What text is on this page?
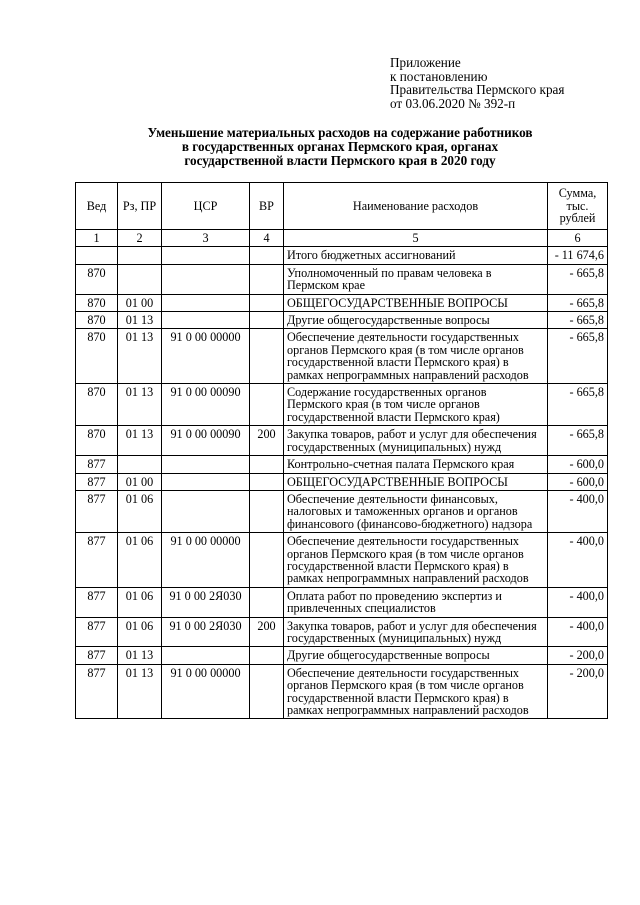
Приложение
к постановлению
Правительства Пермского края
от 03.06.2020 № 392-п
Уменьшение материальных расходов на содержание работников
в государственных органах Пермского края, органах
государственной власти Пермского края в 2020 году
Вед	Рз, ПР	ЦСР	ВР	Наименование расходов	Сумма, тыс. рублей
1	2	3	4	5	6
				Итого бюджетных ассигнований	- 11 674,6
870				Уполномоченный по правам человека в Пермском крае	- 665,8
870	01 00			ОБЩЕГОСУДАРСТВЕННЫЕ ВОПРОСЫ	- 665,8
870	01 13			Другие общегосударственные вопросы	- 665,8
870	01 13	91 0 00 00000		Обеспечение деятельности государственных органов Пермского края (в том числе органов государственной власти Пермского края) в рамках непрограммных направлений расходов	- 665,8
870	01 13	91 0 00 00090		Содержание государственных органов Пермского края (в том числе органов государственной власти Пермского края)	- 665,8
870	01 13	91 0 00 00090	200	Закупка товаров, работ и услуг для обеспечения государственных (муниципальных) нужд	- 665,8
877				Контрольно-счетная палата Пермского края	- 600,0
877	01 00			ОБЩЕГОСУДАРСТВЕННЫЕ ВОПРОСЫ	- 600,0
877	01 06			Обеспечение деятельности финансовых, налоговых и таможенных органов и органов финансового (финансово-бюджетного) надзора	- 400,0
877	01 06	91 0 00 00000		Обеспечение деятельности государственных органов Пермского края (в том числе органов государственной власти Пермского края) в рамках непрограммных направлений расходов	- 400,0
877	01 06	91 0 00 2Я030		Оплата работ по проведению экспертиз и привлеченных специалистов	- 400,0
877	01 06	91 0 00 2Я030	200	Закупка товаров, работ и услуг для обеспечения государственных (муниципальных) нужд	- 400,0
877	01 13			Другие общегосударственные вопросы	- 200,0
877	01 13	91 0 00 00000		Обеспечение деятельности государственных органов Пермского края (в том числе органов государственной власти Пермского края) в рамках непрограммных направлений расходов	- 200,0
